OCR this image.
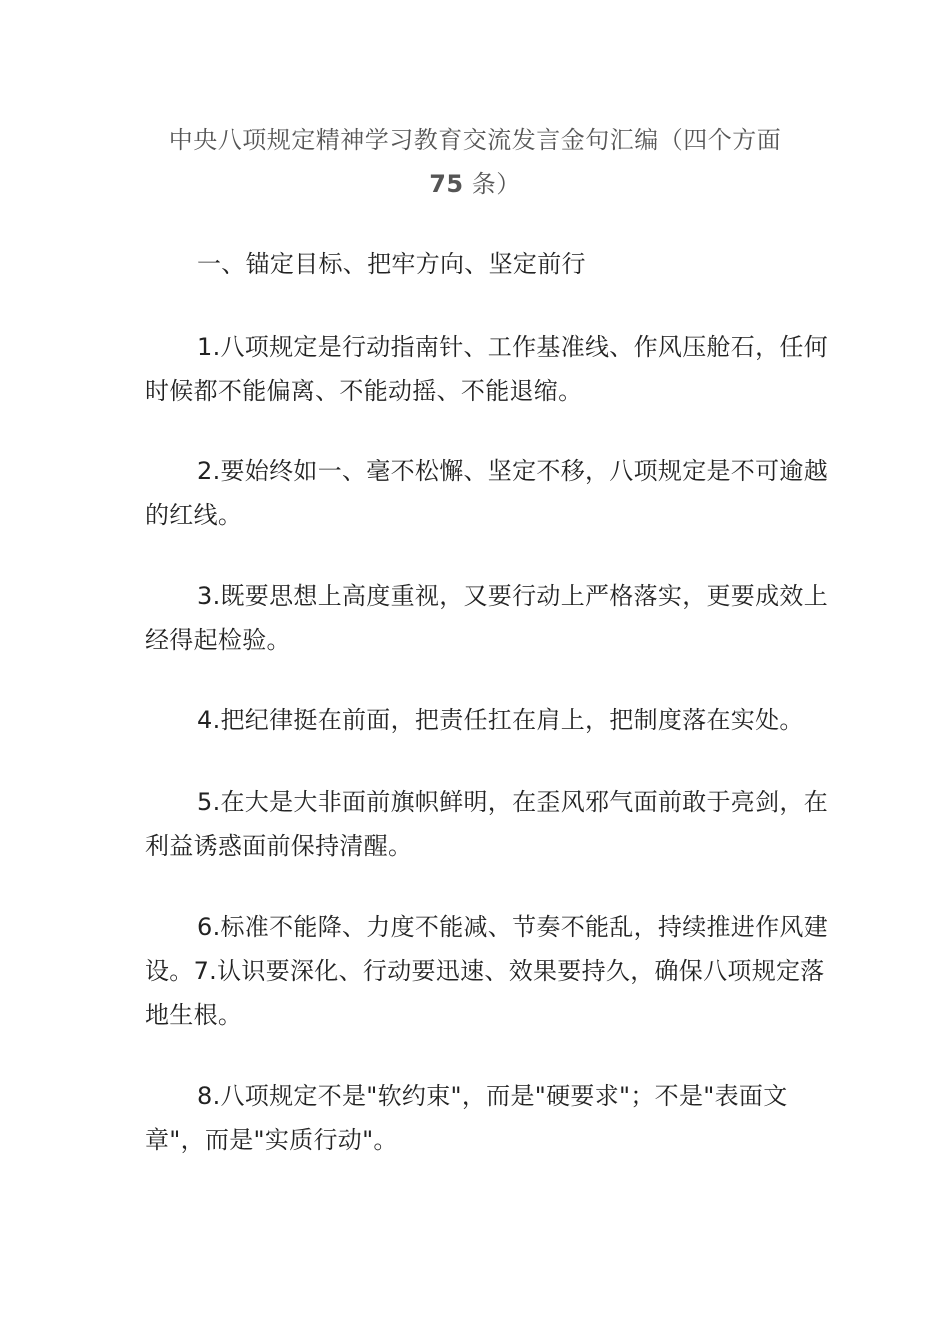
中央八项规定精神学习教育交流发言金句汇编（四个方面
75 条）

一、锚定目标、把牢方向、坚定前行

1.八项规定是行动指南针、工作基准线、作风压舱石，任何时候都不能偏离、不能动摇、不能退缩。

2.要始终如一、毫不松懈、坚定不移，八项规定是不可逾越的红线。

3.既要思想上高度重视，又要行动上严格落实，更要成效上经得起检验。

4.把纪律挺在前面，把责任扛在肩上，把制度落在实处。

5.在大是大非面前旗帜鲜明，在歪风邪气面前敢于亮剑，在利益诱惑面前保持清醒。

6.标准不能降、力度不能减、节奏不能乱，持续推进作风建设。7.认识要深化、行动要迅速、效果要持久，确保八项规定落地生根。

8.八项规定不是"软约束"，而是"硬要求"；不是"表面文章"，而是"实质行动"。
